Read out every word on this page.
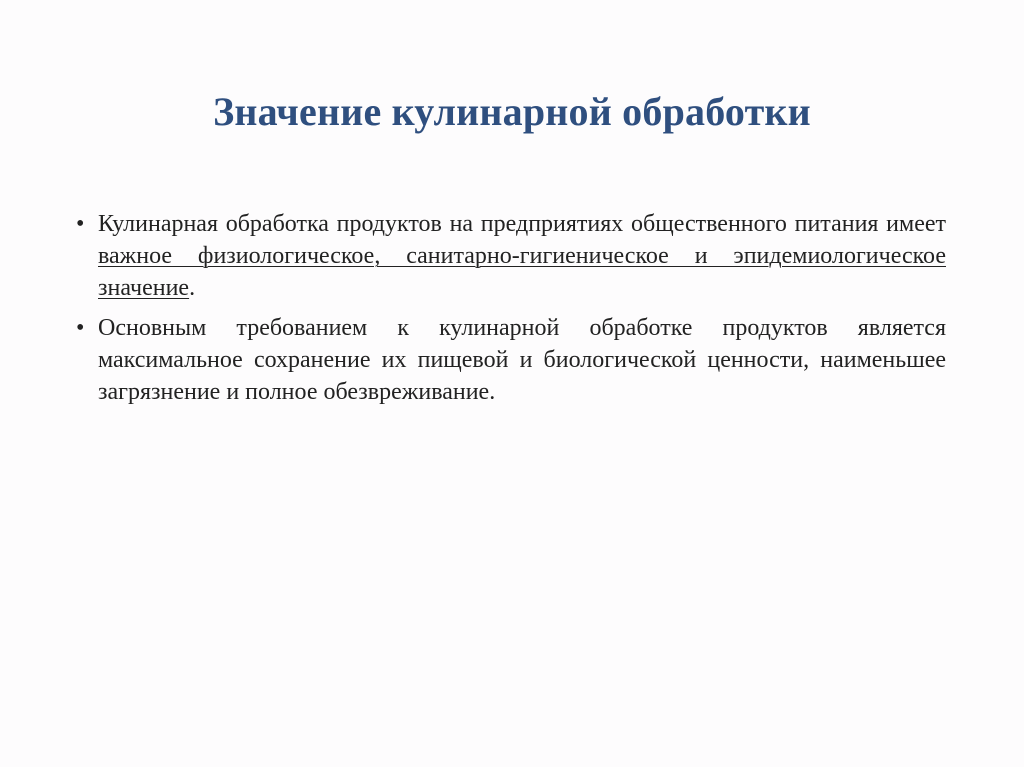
Значение кулинарной обработки
• Кулинарная обработка продуктов на предприятиях общественного питания имеет важное физиологическое, санитарно-гигиеническое и эпидемиологическое значение.
• Основным требованием к кулинарной обработке продуктов является максимальное сохранение их пищевой и биологической ценности, наименьшее загрязнение и полное обезвреживание.
